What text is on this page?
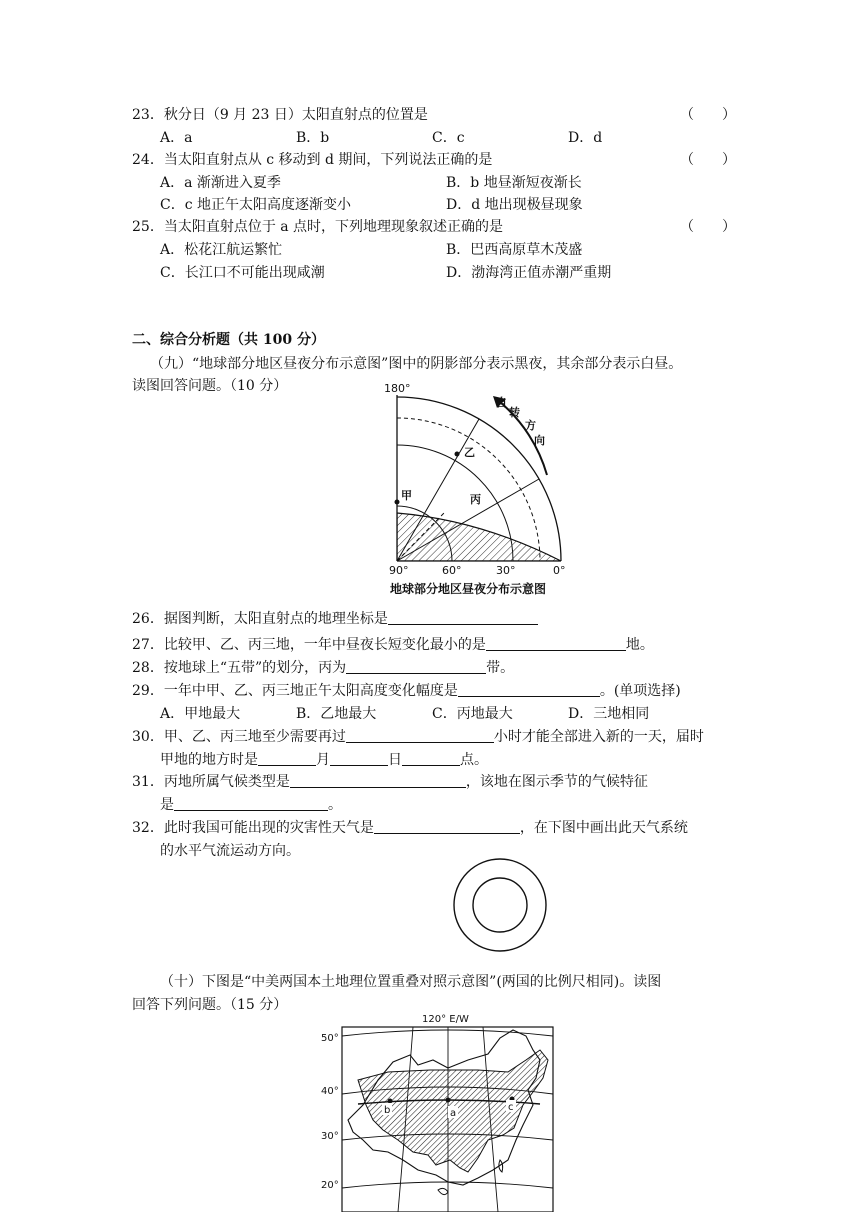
23．秋分日（9 月 23 日）太阳直射点的位置是	（　　）
A．a	B．b	C．c	D．d
24．当太阳直射点从 c 移动到 d 期间，下列说法正确的是	（　　）
A．a 渐渐进入夏季	B．b 地昼渐短夜渐长
C．c 地正午太阳高度逐渐变小	D．d 地出现极昼现象
25．当太阳直射点位于 a 点时，下列地理现象叙述正确的是	（　　）
A．松花江航运繁忙	B．巴西高原草木茂盛
C．长江口不可能出现咸潮	D．渤海湾正值赤潮严重期
二、综合分析题（共 100 分）
（九）“地球部分地区昼夜分布示意图”图中的阴影部分表示黑夜，其余部分表示白昼。
读图回答问题。（10 分）	180°
自
转
方
向
乙
甲	丙
90°	60°	30°	0°
地球部分地区昼夜分布示意图
26．据图判断，太阳直射点的地理坐标是
27．比较甲、乙、丙三地，一年中昼夜长短变化最小的是	地。
28．按地球上“五带”的划分，丙为	带。
29．一年中甲、乙、丙三地正午太阳高度变化幅度是	。(单项选择)
A．甲地最大	B．乙地最大	C．丙地最大	D．三地相同
30．甲、乙、丙三地至少需要再过	小时才能全部进入新的一天，届时
甲地的地方时是	月	日	点。
31．丙地所属气候类型是	，该地在图示季节的气候特征
是	。
32．此时我国可能出现的灾害性天气是	，在下图中画出此天气系统
的水平气流运动方向。
（十）下图是“中美两国本土地理位置重叠对照示意图”(两国的比例尺相同)。读图
回答下列问题。（15 分）
120° E/W
b	a
c
50°
40°
30°
20°
